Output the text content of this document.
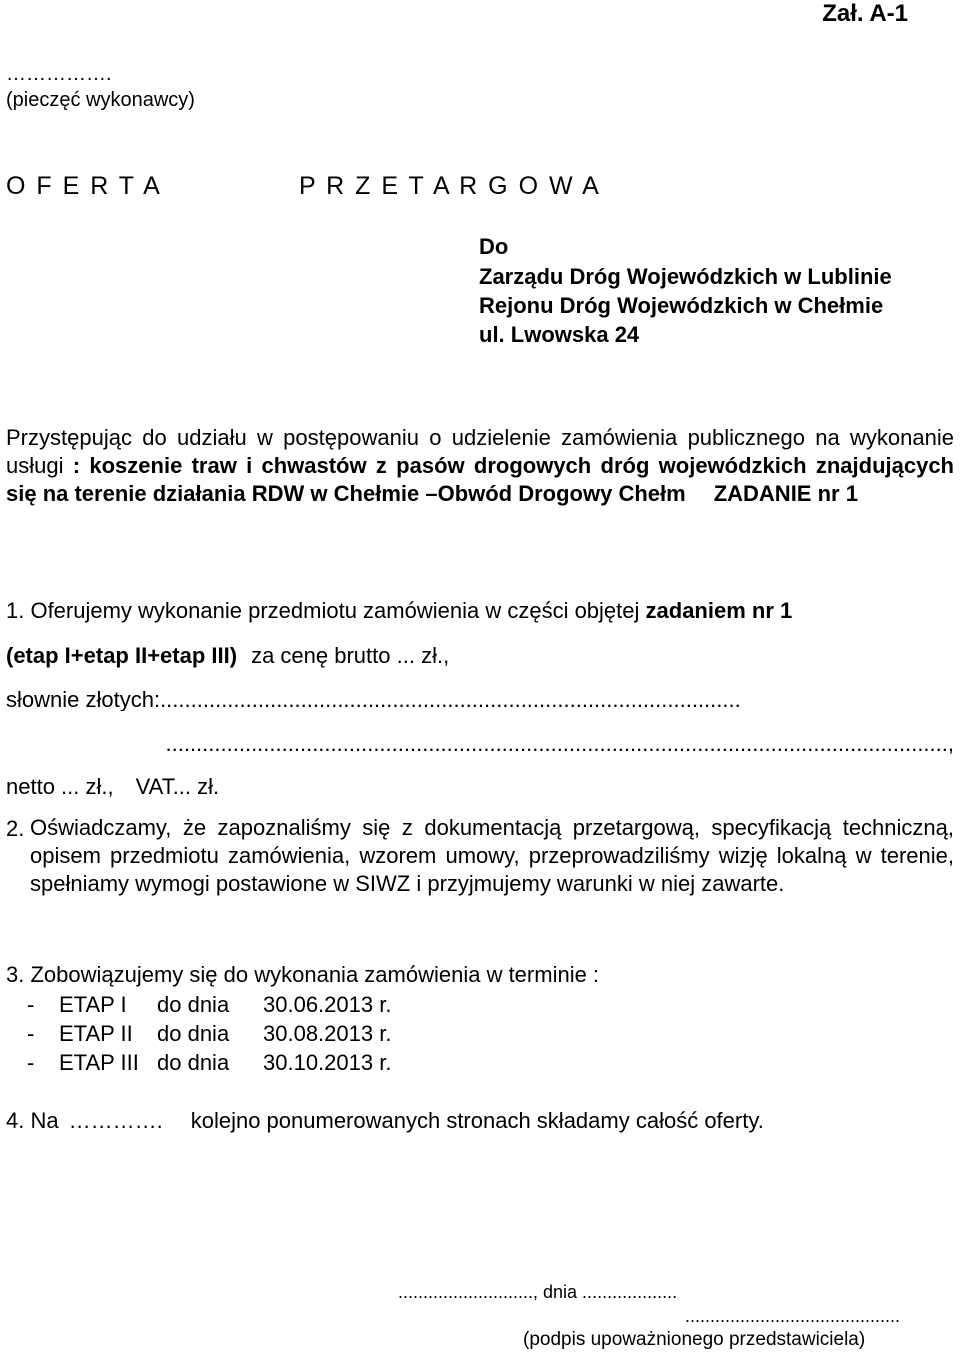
Zał. A-1
…………….
(pieczęć wykonawcy)
O F E R T A	P R Z E T A R G O W A
Do
Zarządu Dróg Wojewódzkich w Lublinie
Rejonu Dróg Wojewódzkich w Chełmie
ul. Lwowska 24
Przystępując do udziału w postępowaniu o udzielenie zamówienia publicznego na wykonanie usługi : koszenie traw i chwastów z pasów drogowych dróg wojewódzkich znajdujących się na terenie działania RDW w Chełmie –Obwód Drogowy Chełm ZADANIE nr 1
1. Oferujemy wykonanie przedmiotu zamówienia w części objętej zadaniem nr 1
(etap I+etap II+etap III) za cenę brutto ... zł.,
słownie złotych:...............................................................................................
................................................................................................................................,
netto ... zł., VAT... zł.
2. Oświadczamy, że zapoznaliśmy się z dokumentacją przetargową, specyfikacją techniczną, opisem przedmiotu zamówienia, wzorem umowy, przeprowadziliśmy wizję lokalną w terenie, spełniamy wymogi postawione w SIWZ i przyjmujemy warunki w niej zawarte.
3. Zobowiązujemy się do wykonania zamówienia w terminie :
- ETAP I do dnia 30.06.2013 r.
- ETAP II do dnia 30.08.2013 r.
- ETAP III do dnia 30.10.2013 r.
4. Na …………. kolejno ponumerowanych stronach składamy całość oferty.
..........................., dnia ...................
...........................................
(podpis upoważnionego przedstawiciela)
